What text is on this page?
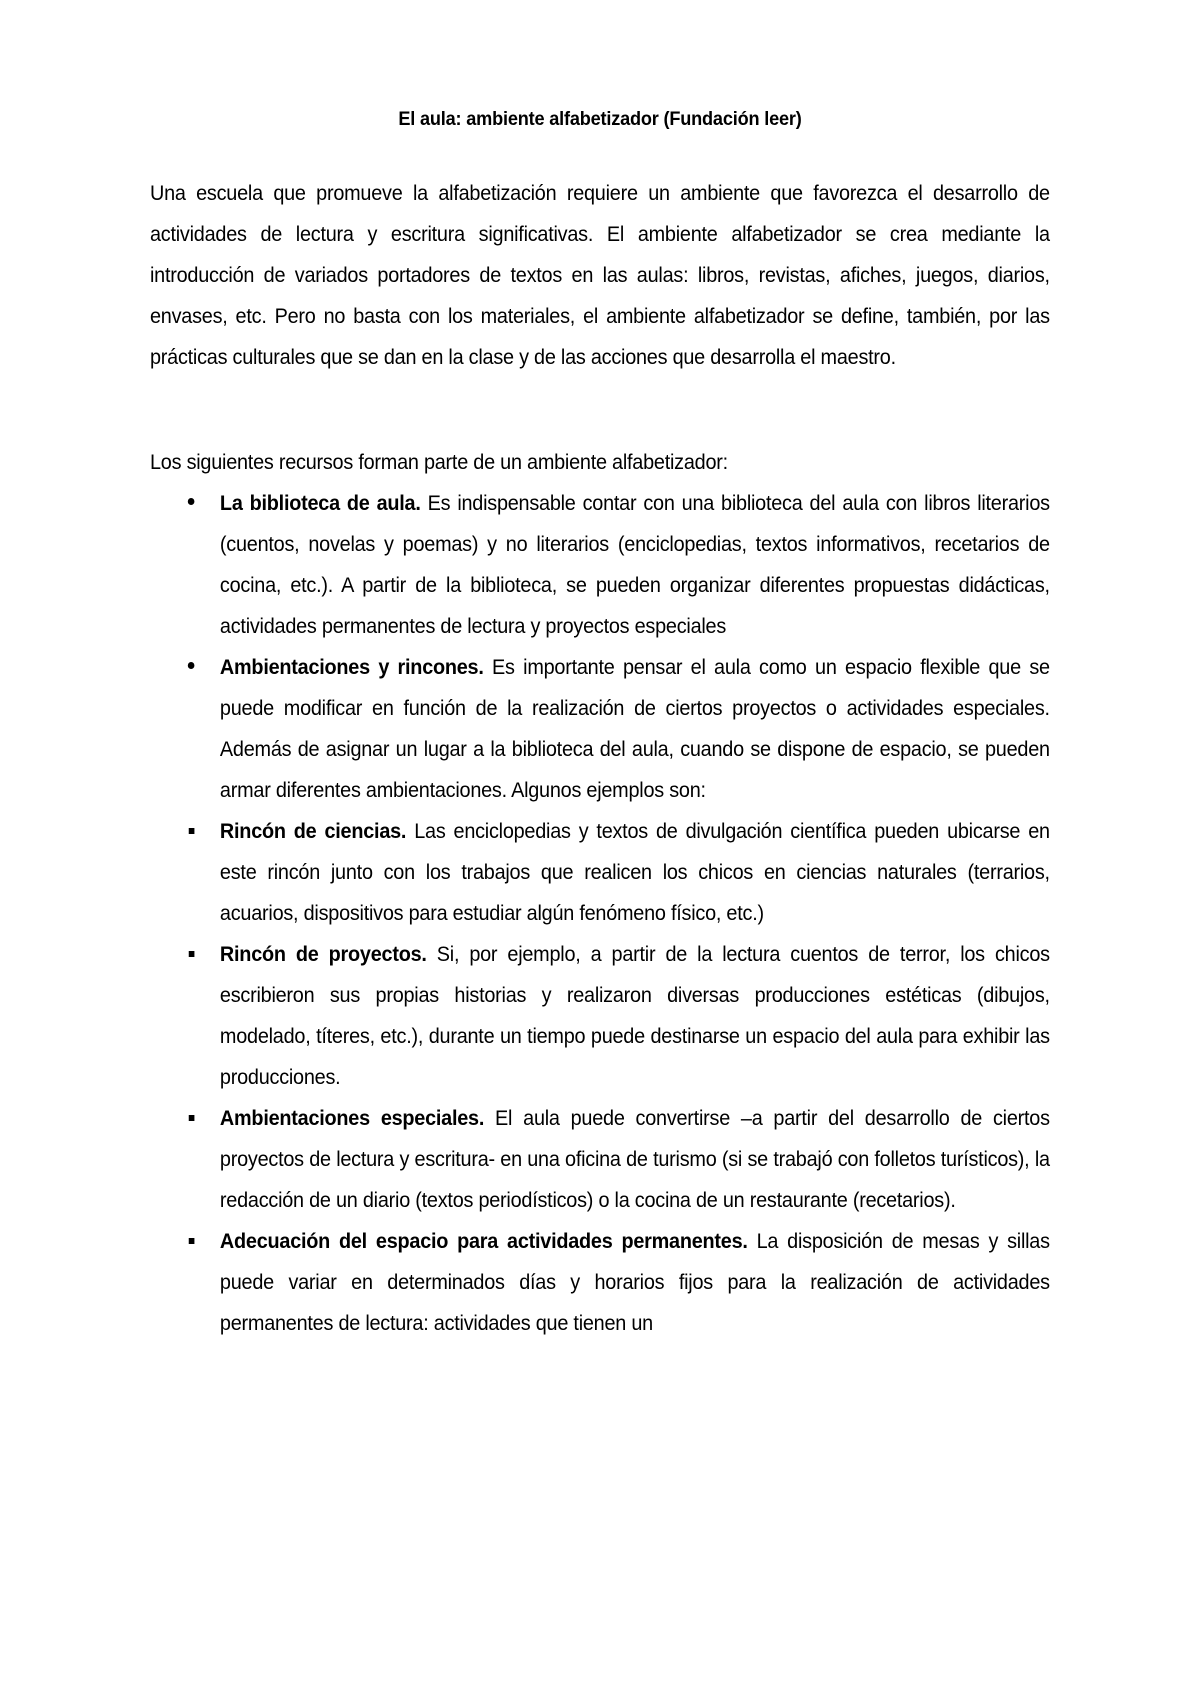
El aula: ambiente alfabetizador (Fundación leer)

Una escuela que promueve la alfabetización requiere un ambiente que favorezca el desarrollo de actividades de lectura y escritura significativas. El ambiente alfabetizador se crea mediante la introducción de variados portadores de textos en las aulas: libros, revistas, afiches, juegos, diarios, envases, etc. Pero no basta con los materiales, el ambiente alfabetizador se define, también, por las prácticas culturales que se dan en la clase y de las acciones que desarrolla el maestro.

Los siguientes recursos forman parte de un ambiente alfabetizador:

La biblioteca de aula. Es indispensable contar con una biblioteca del aula con libros literarios (cuentos, novelas y poemas) y no literarios (enciclopedias, textos informativos, recetarios de cocina, etc.). A partir de la biblioteca, se pueden organizar diferentes propuestas didácticas, actividades permanentes de lectura y proyectos especiales
Ambientaciones y rincones. Es importante pensar el aula como un espacio flexible que se puede modificar en función de la realización de ciertos proyectos o actividades especiales. Además de asignar un lugar a la biblioteca del aula, cuando se dispone de espacio, se pueden armar diferentes ambientaciones. Algunos ejemplos son:
Rincón de ciencias. Las enciclopedias y textos de divulgación científica pueden ubicarse en este rincón junto con los trabajos que realicen los chicos en ciencias naturales (terrarios, acuarios, dispositivos para estudiar algún fenómeno físico, etc.)
Rincón de proyectos. Si, por ejemplo, a partir de la lectura cuentos de terror, los chicos escribieron sus propias historias y realizaron diversas producciones estéticas (dibujos, modelado, títeres, etc.), durante un tiempo puede destinarse un espacio del aula para exhibir las producciones.
Ambientaciones especiales. El aula puede convertirse –a partir del desarrollo de ciertos proyectos de lectura y escritura- en una oficina de turismo (si se trabajó con folletos turísticos), la redacción de un diario (textos periodísticos) o la cocina de un restaurante (recetarios).
Adecuación del espacio para actividades permanentes. La disposición de mesas y sillas puede variar en determinados días y horarios fijos para la realización de actividades permanentes de lectura: actividades que tienen un
